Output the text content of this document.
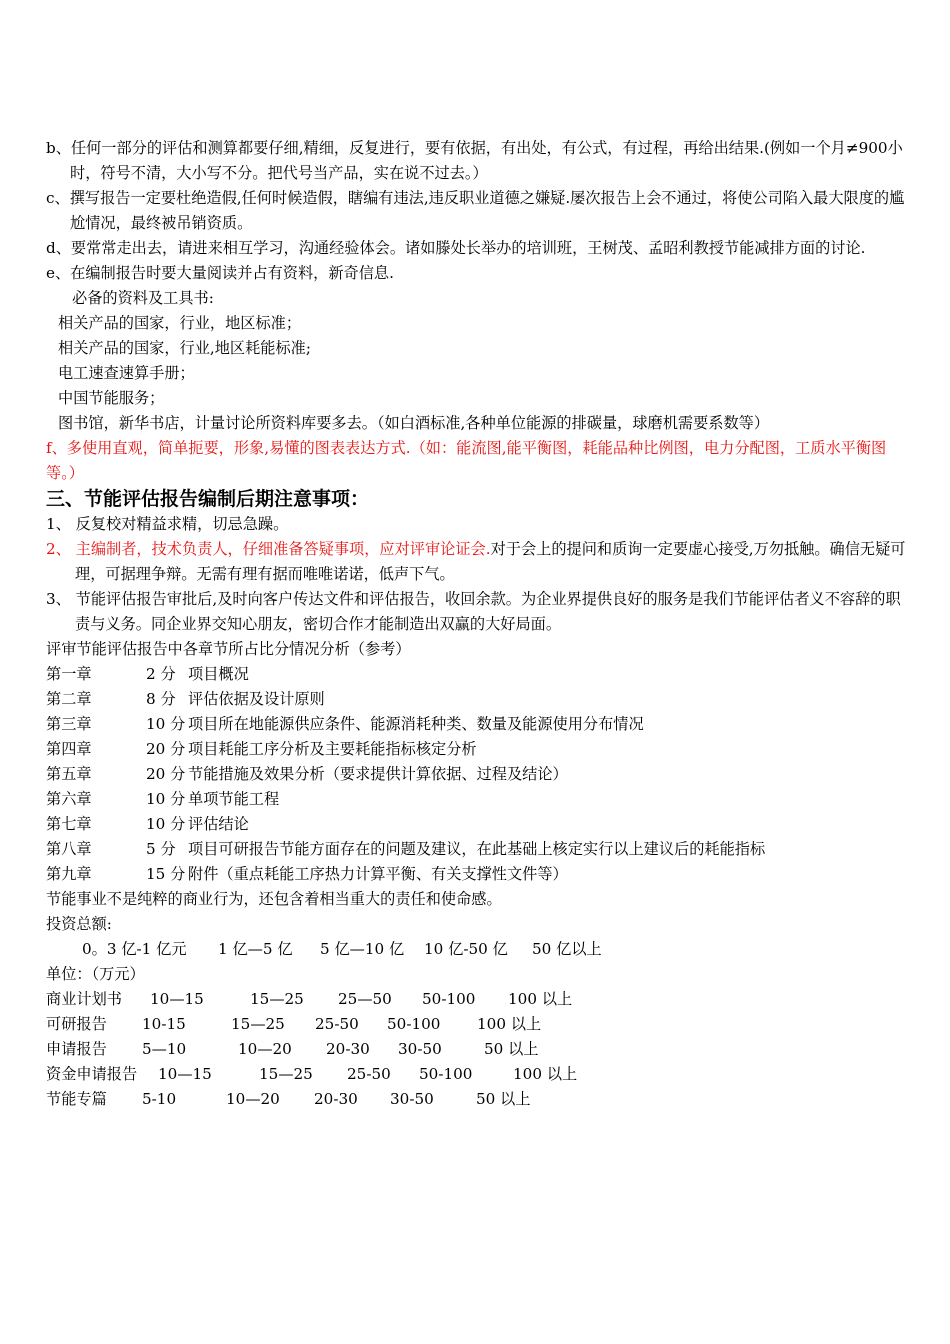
b、任何一部分的评估和测算都要仔细,精细，反复进行，要有依据，有出处，有公式，有过程，再给出结果.(例如一个月≠900小时，符号不清，大小写不分。把代号当产品，实在说不过去。）
c、撰写报告一定要杜绝造假,任何时候造假，瞎编有违法,违反职业道德之嫌疑.屡次报告上会不通过，将使公司陷入最大限度的尴尬情况，最终被吊销资质。
d、要常常走出去，请进来相互学习，沟通经验体会。诸如滕处长举办的培训班，王树茂、孟昭利教授节能减排方面的讨论.
e、在编制报告时要大量阅读并占有资料，新奇信息.
必备的资料及工具书:
相关产品的国家，行业，地区标准；
相关产品的国家，行业,地区耗能标准;
电工速查速算手册；
中国节能服务；
图书馆，新华书店，计量讨论所资料库要多去。（如白酒标准,各种单位能源的排碳量，球磨机需要系数等）
f、多使用直观，简单扼要，形象,易懂的图表表达方式.（如：能流图,能平衡图，耗能品种比例图，电力分配图，工质水平衡图等。）
三、节能评估报告编制后期注意事项：
1、 反复校对精益求精，切忌急躁。
2、 主编制者，技术负责人，仔细准备答疑事项，应对评审论证会.对于会上的提问和质询一定要虚心接受,万勿抵触。确信无疑可理，可据理争辩。无需有理有据而唯唯诺诺，低声下气。
3、 节能评估报告审批后,及时向客户传达文件和评估报告，收回余款。为企业界提供良好的服务是我们节能评估者义不容辞的职责与义务。同企业界交知心朋友，密切合作才能制造出双赢的大好局面。
评审节能评估报告中各章节所占比分情况分析（参考）
第一章	2 分 项目概况
第二章	8 分 评估依据及设计原则
第三章	10 分 项目所在地能源供应条件、能源消耗种类、数量及能源使用分布情况
第四章	20 分 项目耗能工序分析及主要耗能指标核定分析
第五章	20 分 节能措施及效果分析（要求提供计算依据、过程及结论）
第六章	10 分 单项节能工程
第七章	10 分 评估结论
第八章	5 分 项目可研报告节能方面存在的问题及建议，在此基础上核定实行以上建议后的耗能指标
第九章	15 分 附件（重点耗能工序热力计算平衡、有关支撑性文件等）
节能事业不是纯粹的商业行为，还包含着相当重大的责任和使命感。
投资总额:
0。3 亿-1 亿元	1 亿—5 亿	5 亿—10 亿	10 亿-50 亿	50 亿以上
单位：（万元）
商业计划书	10—15	15—25	25—50	50-100	100 以上
可研报告	10-15	15—25	25-50	50-100	100 以上
申请报告	5—10	10—20	20-30	30-50	50 以上
资金申请报告	10—15	15—25	25-50	50-100	100 以上
节能专篇	5-10	10—20	20-30	30-50	50 以上
